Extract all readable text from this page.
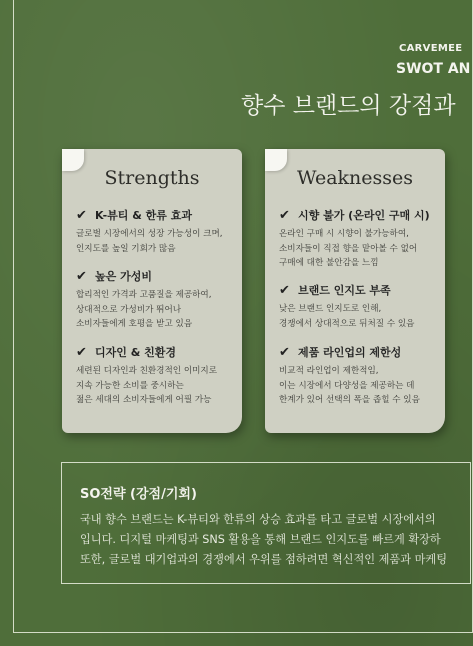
CARVEMEE
SWOT AN
향수 브랜드의 강점과
Strengths
✔ K-뷰티 & 한류 효과
글로벌 시장에서의 성장 가능성이 크며,
인지도를 높일 기회가 많음
✔ 높은 가성비
합리적인 가격과 고품질을 제공하여,
상대적으로 가성비가 뛰어나
소비자들에게 호평을 받고 있음
✔ 디자인 & 친환경
세련된 디자인과 친환경적인 이미지로
지속 가능한 소비를 중시하는
젊은 세대의 소비자들에게 어필 가능
Weaknesses
✔ 시향 불가 (온라인 구매 시)
온라인 구매 시 시향이 불가능하여,
소비자들이 직접 향을 맡아볼 수 없어
구매에 대한 불안감을 느낌
✔ 브랜드 인지도 부족
낮은 브랜드 인지도로 인해,
경쟁에서 상대적으로 뒤처질 수 있음
✔ 제품 라인업의 제한성
비교적 라인업이 제한적임,
이는 시장에서 다양성을 제공하는 데
한계가 있어 선택의 폭을 좁힐 수 있음
SO전략 (강점/기회)
국내 향수 브랜드는 K-뷰티와 한류의 상승 효과를 타고 글로벌 시장에서의
입니다. 디지털 마케팅과 SNS 활용을 통해 브랜드 인지도를 빠르게 확장하
또한, 글로벌 대기업과의 경쟁에서 우위를 점하려면 혁신적인 제품과 마케팅
